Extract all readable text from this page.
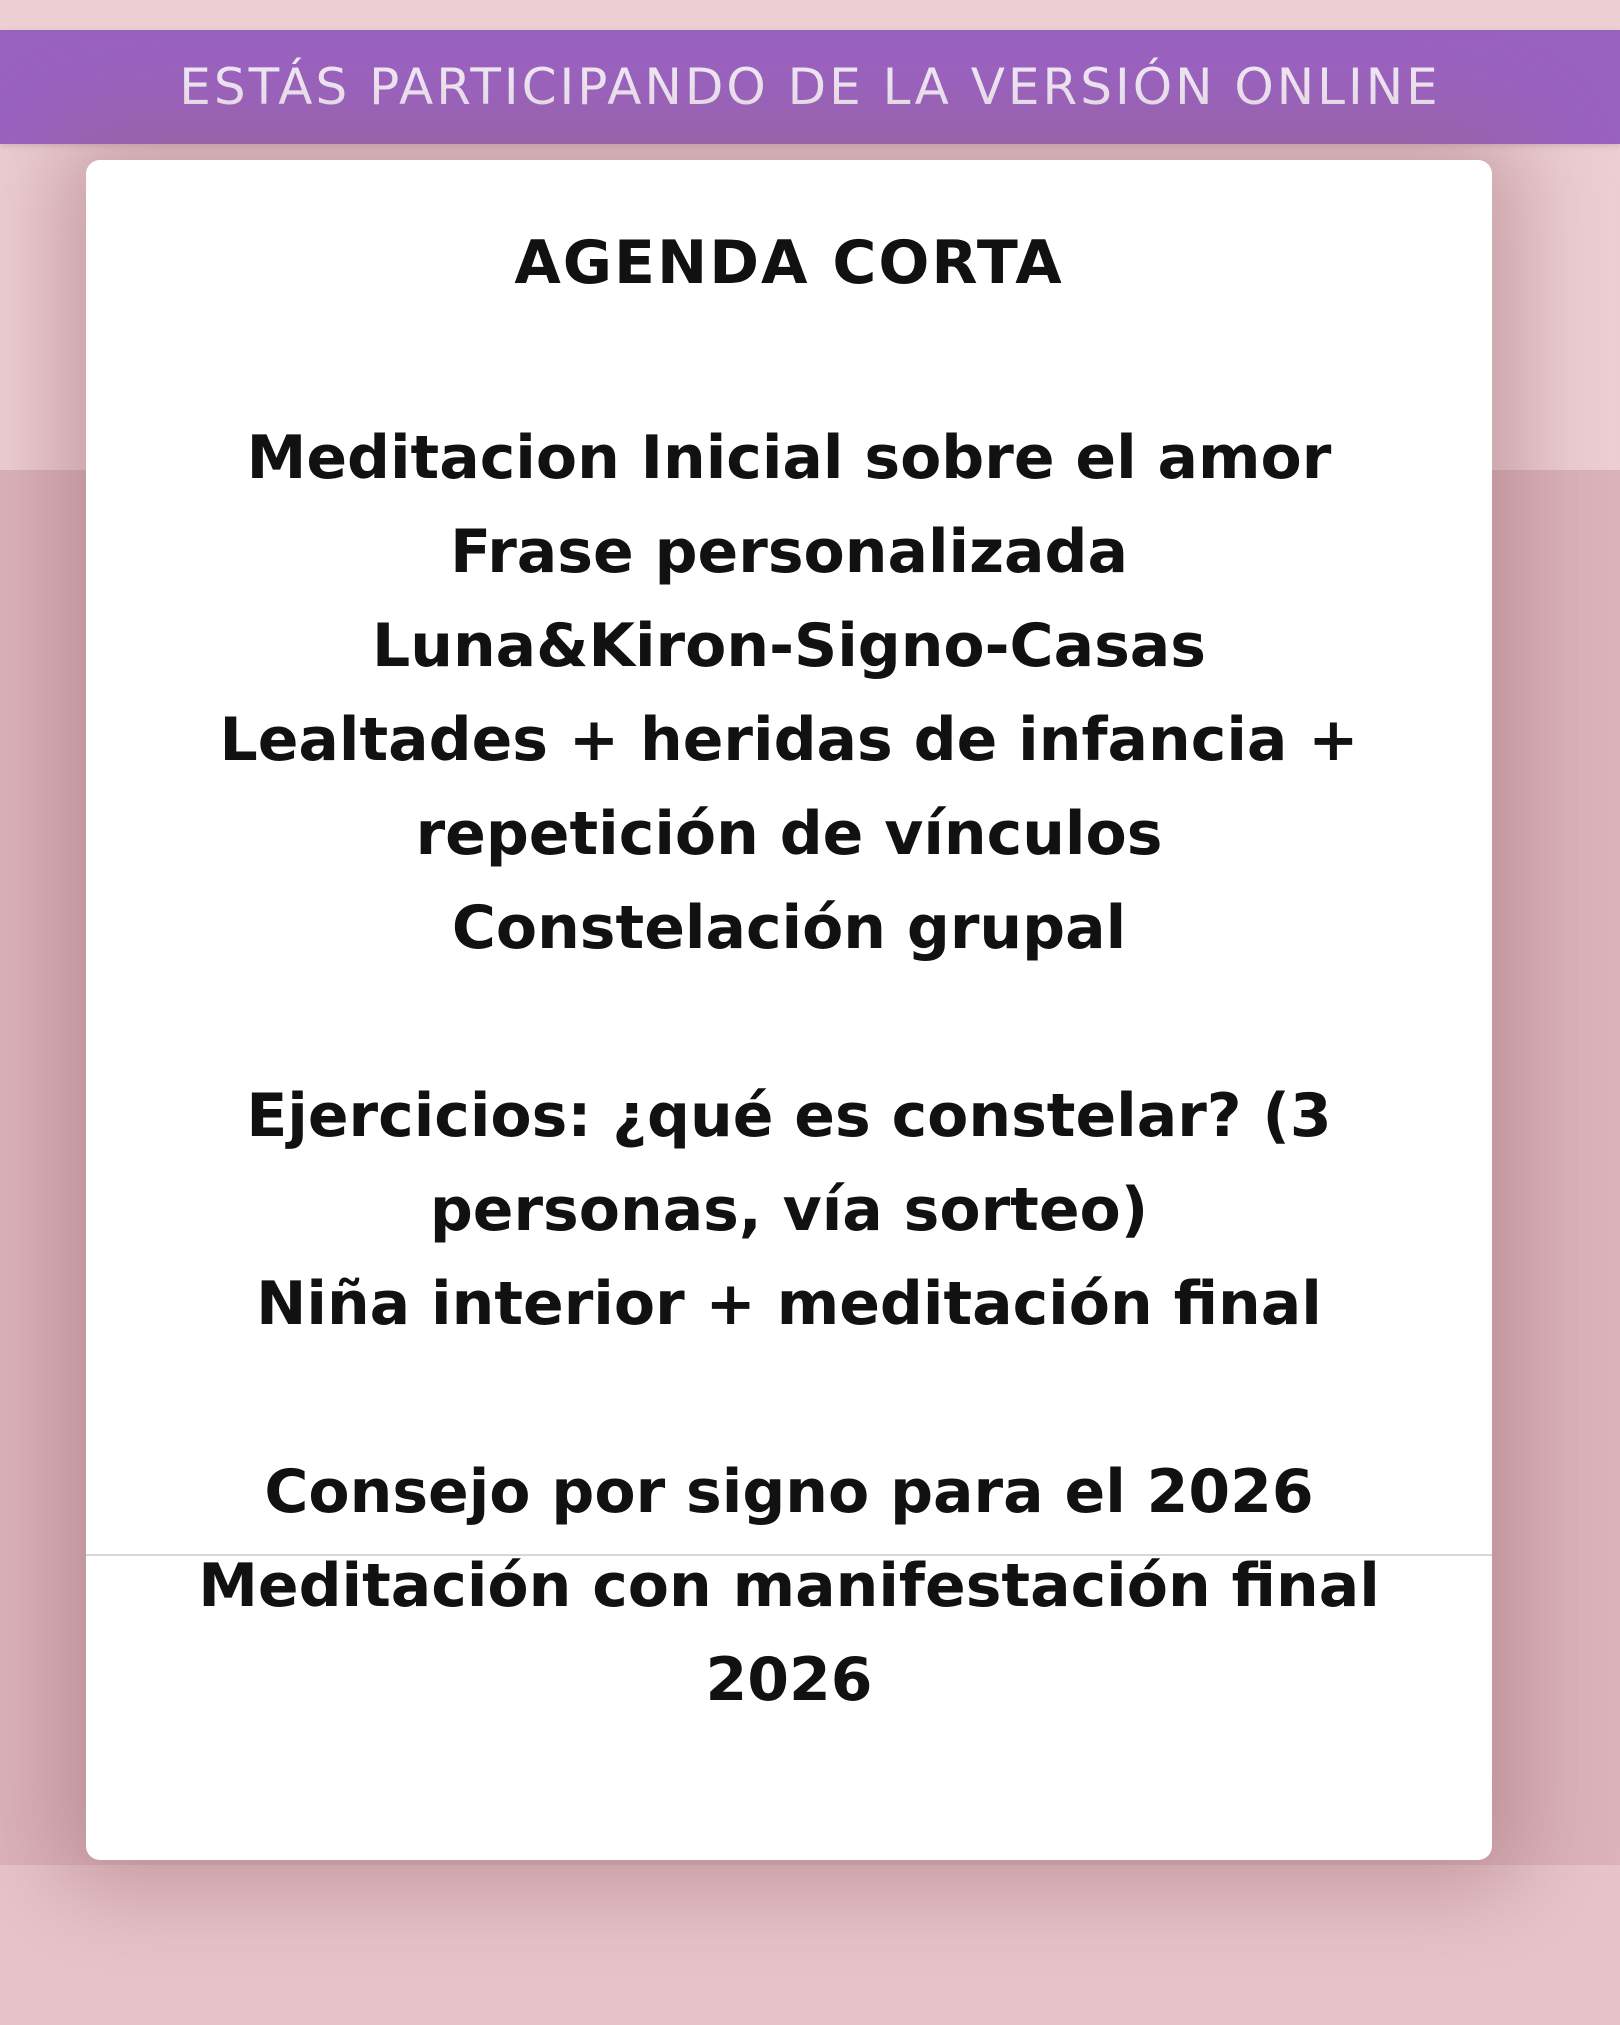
ESTÁS PARTICIPANDO DE LA VERSIÓN ONLINE

AGENDA CORTA

Meditacion Inicial sobre el amor

Frase personalizada

Luna&Kiron-Signo-Casas

Lealtades + heridas de infancia +

repetición de vínculos

Constelación grupal

Ejercicios: ¿qué es constelar? (3

personas, vía sorteo)

Niña interior + meditación final

Consejo por signo para el 2026

Meditación con manifestación final

2026
